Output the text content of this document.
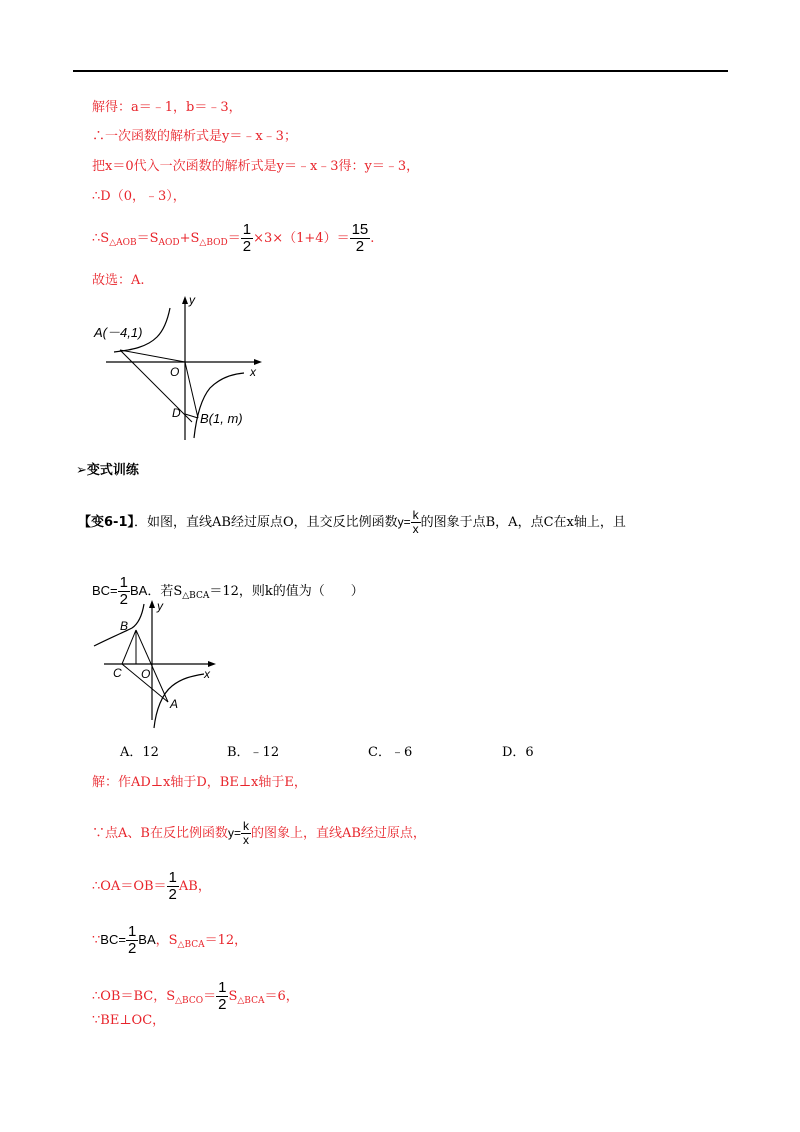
解得：a＝﹣1，b＝﹣3，
∴一次函数的解析式是y＝﹣x﹣3；
把x＝0代入一次函数的解析式是y＝﹣x﹣3得：y＝﹣3，
∴D（0，﹣3），
$\therefore S_{\triangle AOB}=S_{AOD}+S_{\triangle BOD}= \frac{1}{2} \times 3\times(1+4)= \frac{15}{2}$ .
故选：A.
A(－4,1)
O
D B(1, m)
x
y
➢变式训练
【变6-1】．如图，直线AB经过原点O，且交反比例函数$y= \frac{k}{x}$ 的图象于点B，A，点C在x轴上，且
$BC= \frac{1}{2}$ BA．若$S_{\triangle BCA}=12$，则k的值为（　　）
B
C O
A
x
y
A．12	B．﹣12	C．﹣6	D．6
解：作AD⊥x轴于D，BE⊥x轴于E，
∵点A、B在反比例函数$y= \frac{k}{x}$ 的图象上，直线AB经过原点，
∴OA＝OB＝ $\frac{1}{2}$ AB，
∵BC= $\frac{1}{2}$ BA，$S_{\triangle BCA}=12$，
∴OB＝BC，$S_{\triangle BCO}= \frac{1}{2} S_{\triangle BCA}=6$，
∵BE⊥OC，
